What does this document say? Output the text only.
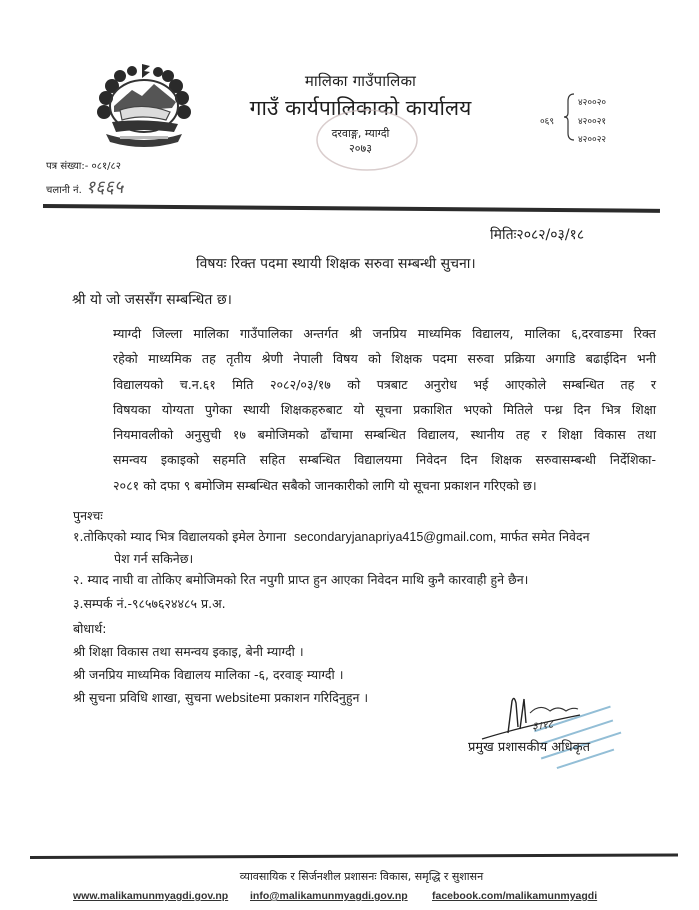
मालिका गाउँपालिका
गाउँ कार्यपालिकाको कार्यालय
दरवाङ्ग, म्याग्दी
२०७३
०६९
४२००२०
४२००२१
४२००२२
पत्र संख्या:- ०८१/८२
चलानी नं. १६६५
मितिः२०८२/०३/१८
विषयः रिक्त पदमा स्थायी शिक्षक सरुवा सम्बन्धी सुचना।
श्री यो जो जससँग सम्बन्धित छ।
म्याग्दी जिल्ला मालिका गाउँपालिका अन्तर्गत श्री जनप्रिय माध्यमिक विद्यालय, मालिका ६,दरवाङमा रिक्त
रहेको माध्यमिक तह तृतीय श्रेणी नेपाली विषय को शिक्षक पदमा सरुवा प्रक्रिया अगाडि बढाईदिन भनी
विद्यालयको च.न.६१ मिति २०८२/०३/१७ को पत्रबाट अनुरोध भई आएकोले सम्बन्धित तह र
विषयका योग्यता पुगेका स्थायी शिक्षकहरुबाट यो सूचना प्रकाशित भएको मितिले पन्ध्र दिन भित्र शिक्षा
नियमावलीको अनुसुची १७ बमोजिमको ढाँचामा सम्बन्धित विद्यालय, स्थानीय तह र शिक्षा विकास तथा
समन्वय इकाइको सहमति सहित सम्बन्धित विद्यालयमा निवेदन दिन शिक्षक सरुवासम्बन्धी निर्देशिका-
२०८१ को दफा ९ बमोजिम सम्बन्धित सबैको जानकारीको लागि यो सूचना प्रकाशन गरिएको छ।
पुनश्चः
१.तोकिएको म्याद भित्र विद्यालयको इमेल ठेगाना secondaryjanapriya415@gmail.com, मार्फत समेत निवेदन
पेश गर्न सकिनेछ।
२. म्याद नाघी वा तोकिए बमोजिमको रित नपुगी प्राप्त हुन आएका निवेदन माथि कुनै कारवाही हुने छैन।
३.सम्पर्क नं.-९८५७६२४४८५ प्र.अ.
बोधार्थ:
श्री शिक्षा विकास तथा समन्वय इकाइ, बेनी म्याग्दी ।
श्री जनप्रिय माध्यमिक विद्यालय मालिका -६, दरवाङ् म्याग्दी ।
श्री सुचना प्रविधि शाखा, सुचना websiteमा प्रकाशन गरिदिनुहुन ।
३।१८
प्रमुख प्रशासकीय अधिकृत
व्यावसायिक र सिर्जनशील प्रशासनः विकास, समृद्धि र सुशासन
www.malikamunmyagdi.gov.np info@malikamunmyagdi.gov.np facebook.com/malikamunmyagdi
